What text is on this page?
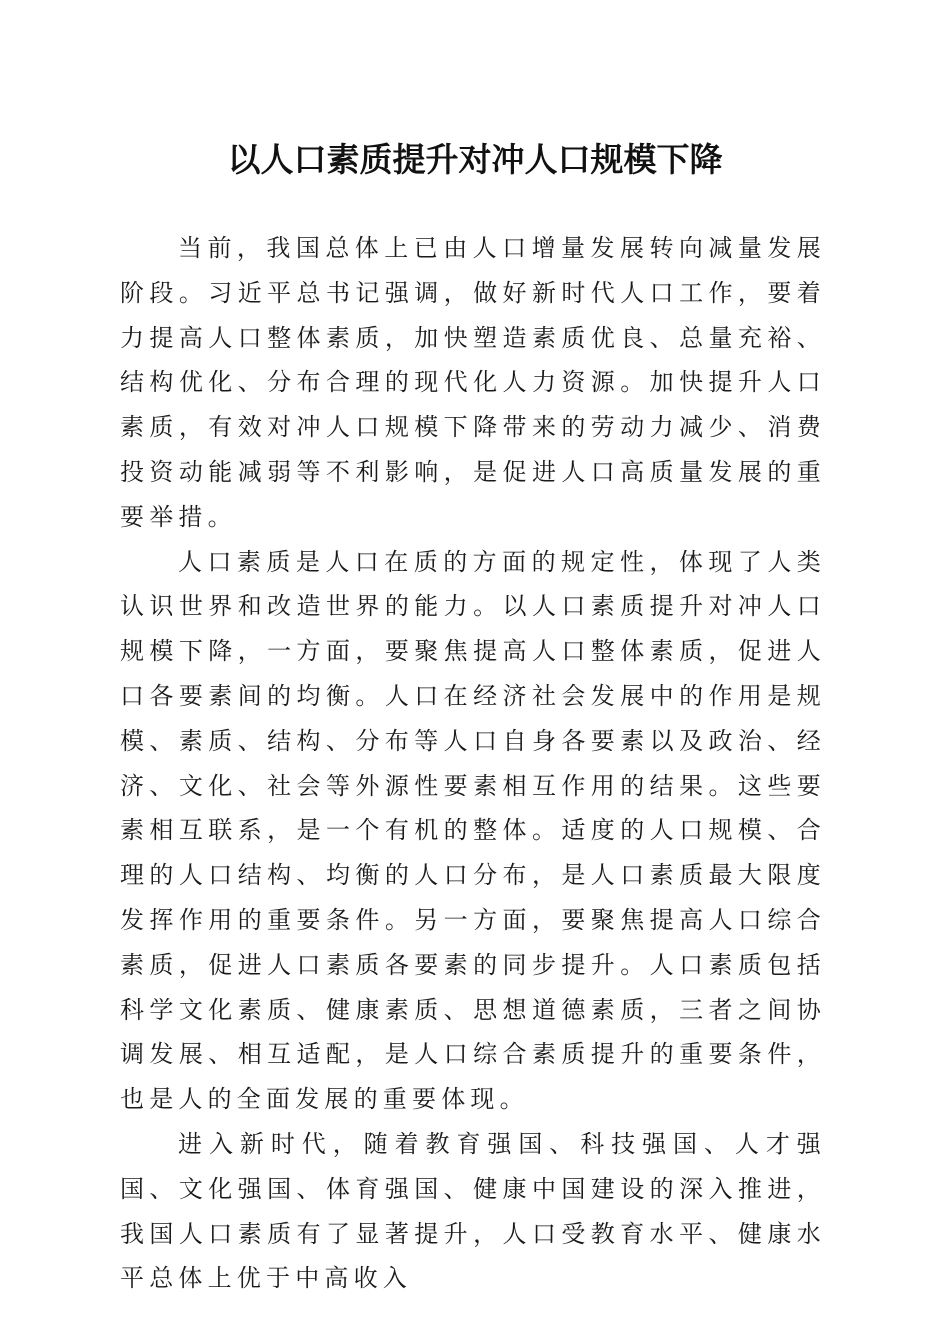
以人口素质提升对冲人口规模下降

当前，我国总体上已由人口增量发展转向减量发展阶段。习近平总书记强调，做好新时代人口工作，要着力提高人口整体素质，加快塑造素质优良、总量充裕、结构优化、分布合理的现代化人力资源。加快提升人口素质，有效对冲人口规模下降带来的劳动力减少、消费投资动能减弱等不利影响，是促进人口高质量发展的重要举措。

人口素质是人口在质的方面的规定性，体现了人类认识世界和改造世界的能力。以人口素质提升对冲人口规模下降，一方面，要聚焦提高人口整体素质，促进人口各要素间的均衡。人口在经济社会发展中的作用是规模、素质、结构、分布等人口自身各要素以及政治、经济、文化、社会等外源性要素相互作用的结果。这些要素相互联系，是一个有机的整体。适度的人口规模、合理的人口结构、均衡的人口分布，是人口素质最大限度发挥作用的重要条件。另一方面，要聚焦提高人口综合素质，促进人口素质各要素的同步提升。人口素质包括科学文化素质、健康素质、思想道德素质，三者之间协调发展、相互适配，是人口综合素质提升的重要条件，也是人的全面发展的重要体现。

进入新时代，随着教育强国、科技强国、人才强国、文化强国、体育强国、健康中国建设的深入推进，我国人口素质有了显著提升，人口受教育水平、健康水平总体上优于中高收入
